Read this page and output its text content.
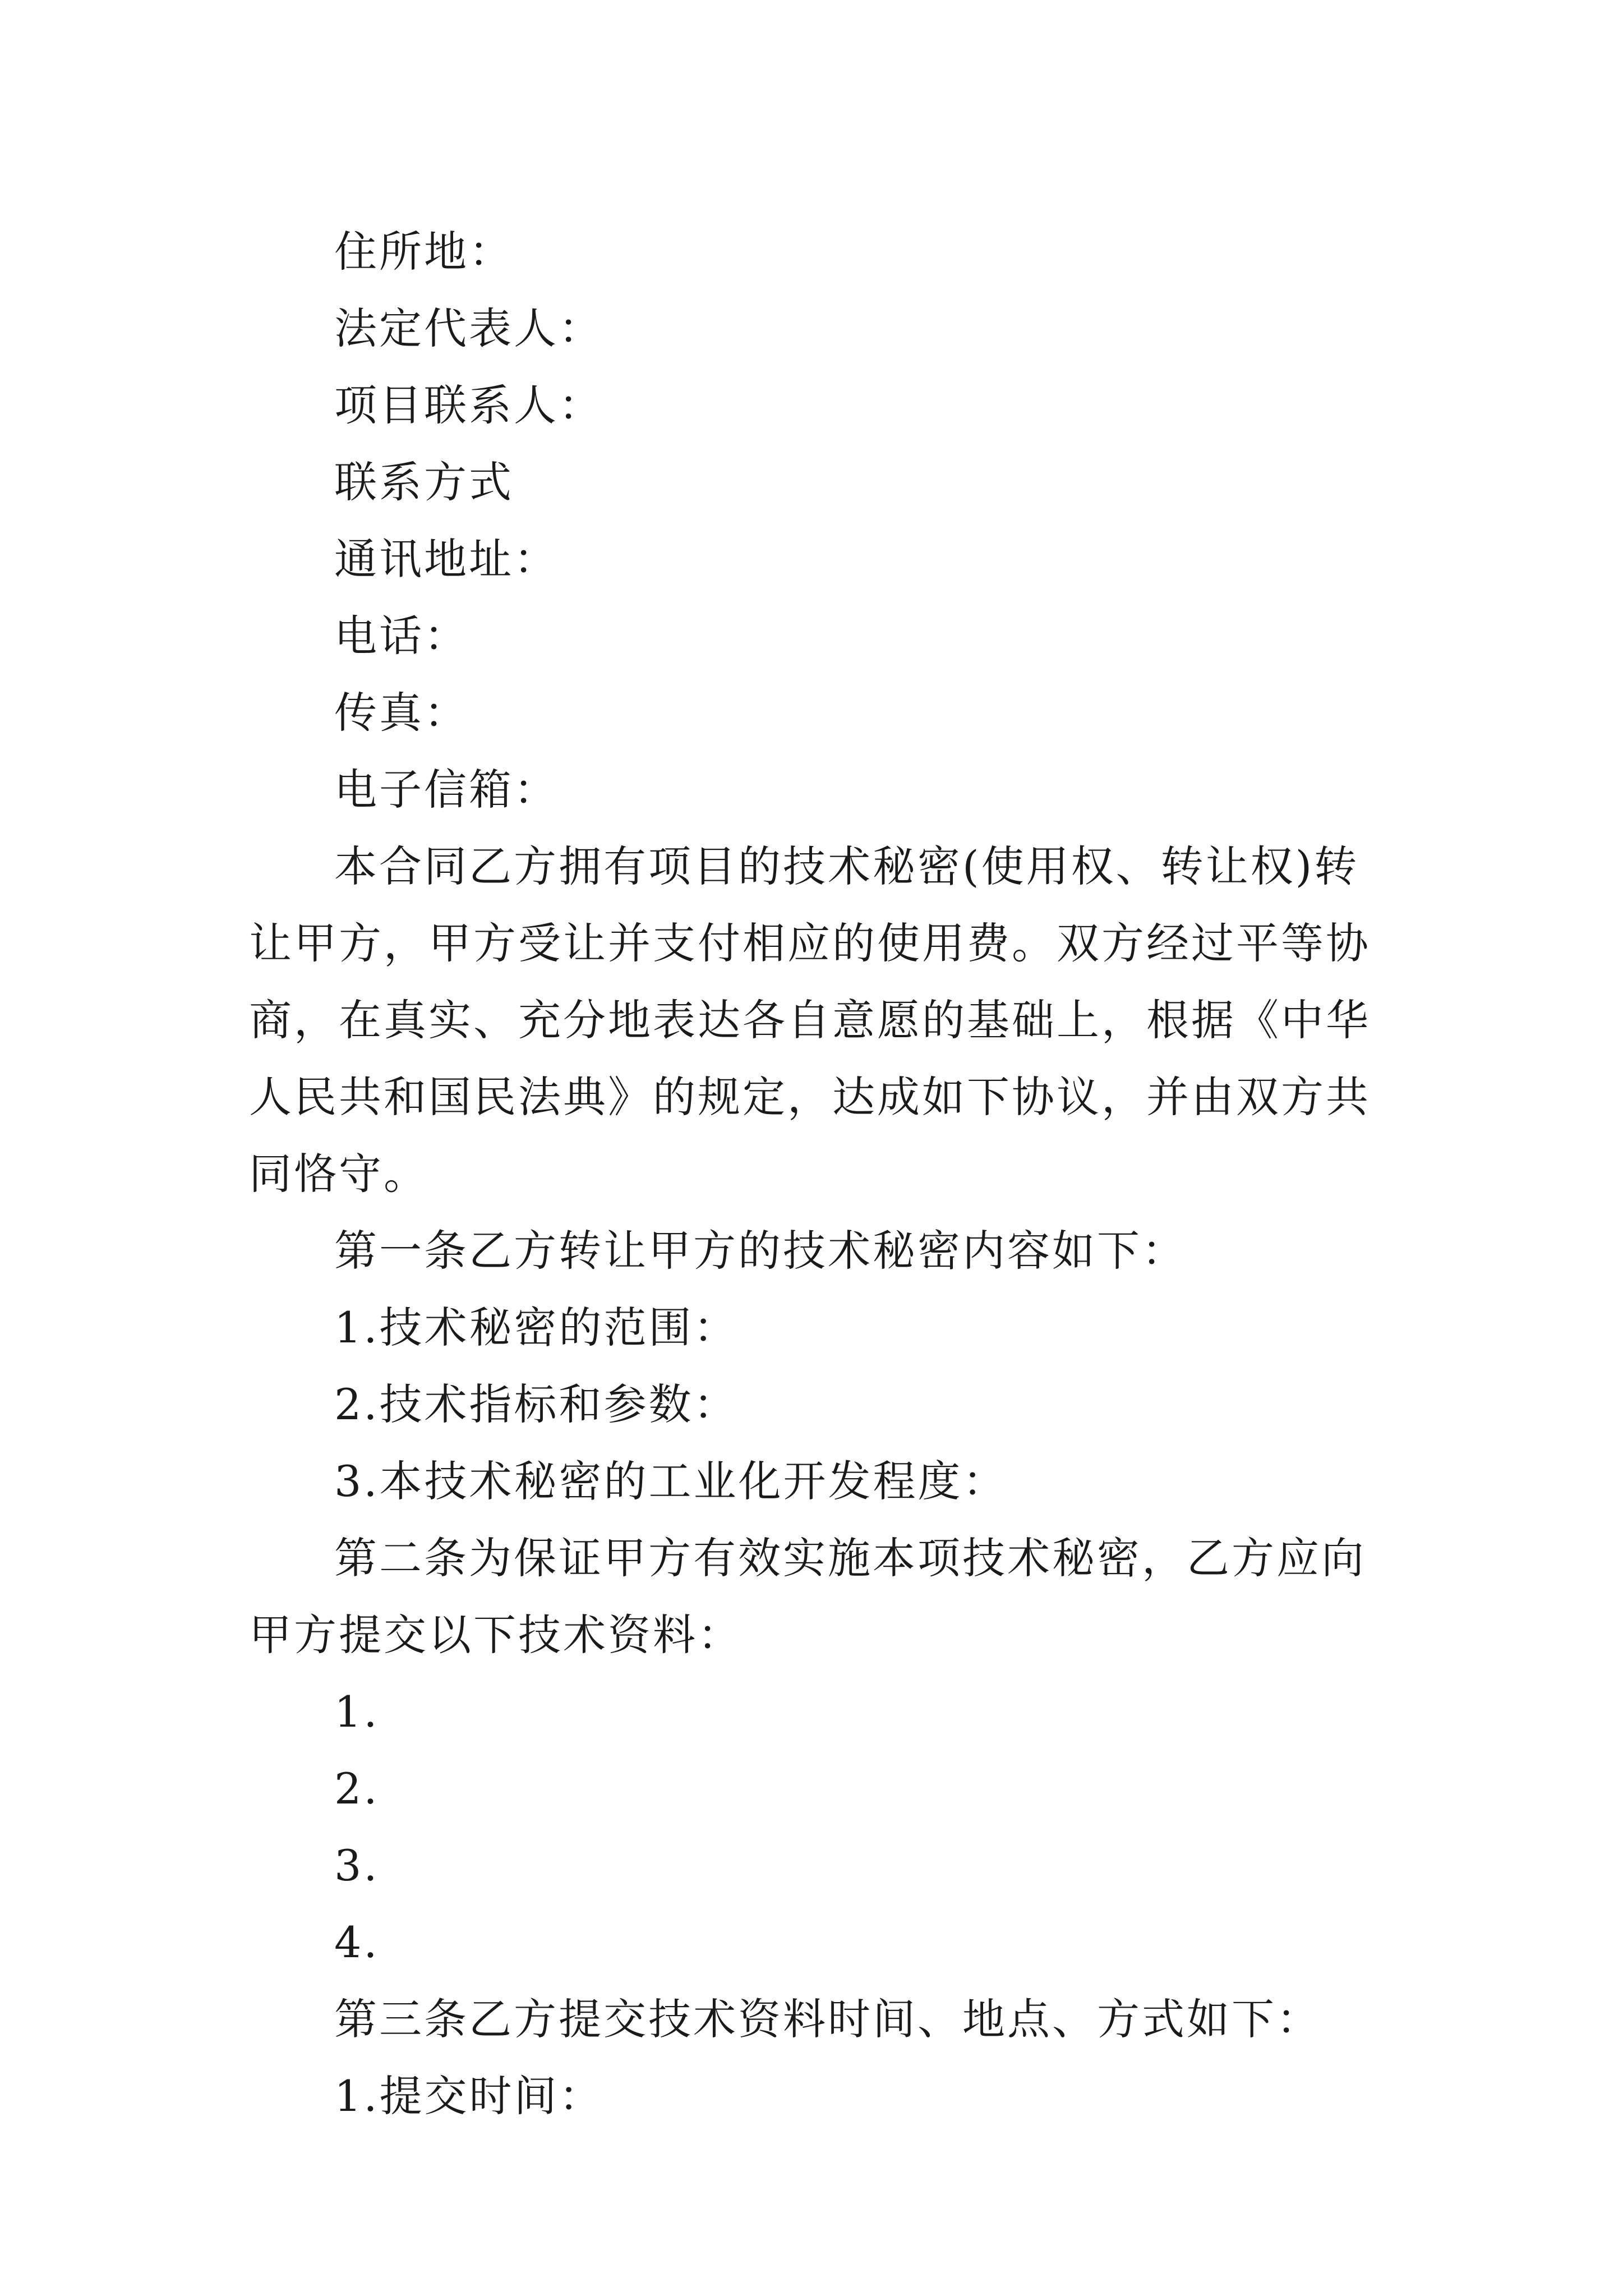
住所地：

法定代表人：

项目联系人：

联系方式

通讯地址：

电话：

传真：

电子信箱：

本合同乙方拥有项目的技术秘密(使用权、转让权)转让甲方，甲方受让并支付相应的使用费。双方经过平等协商，在真实、充分地表达各自意愿的基础上，根据《中华人民共和国民法典》的规定，达成如下协议，并由双方共同恪守。

第一条乙方转让甲方的技术秘密内容如下：

1.技术秘密的范围：

2.技术指标和参数：

3.本技术秘密的工业化开发程度：

第二条为保证甲方有效实施本项技术秘密，乙方应向甲方提交以下技术资料：

1.

2.

3.

4.

第三条乙方提交技术资料时间、地点、方式如下：

1.提交时间：
